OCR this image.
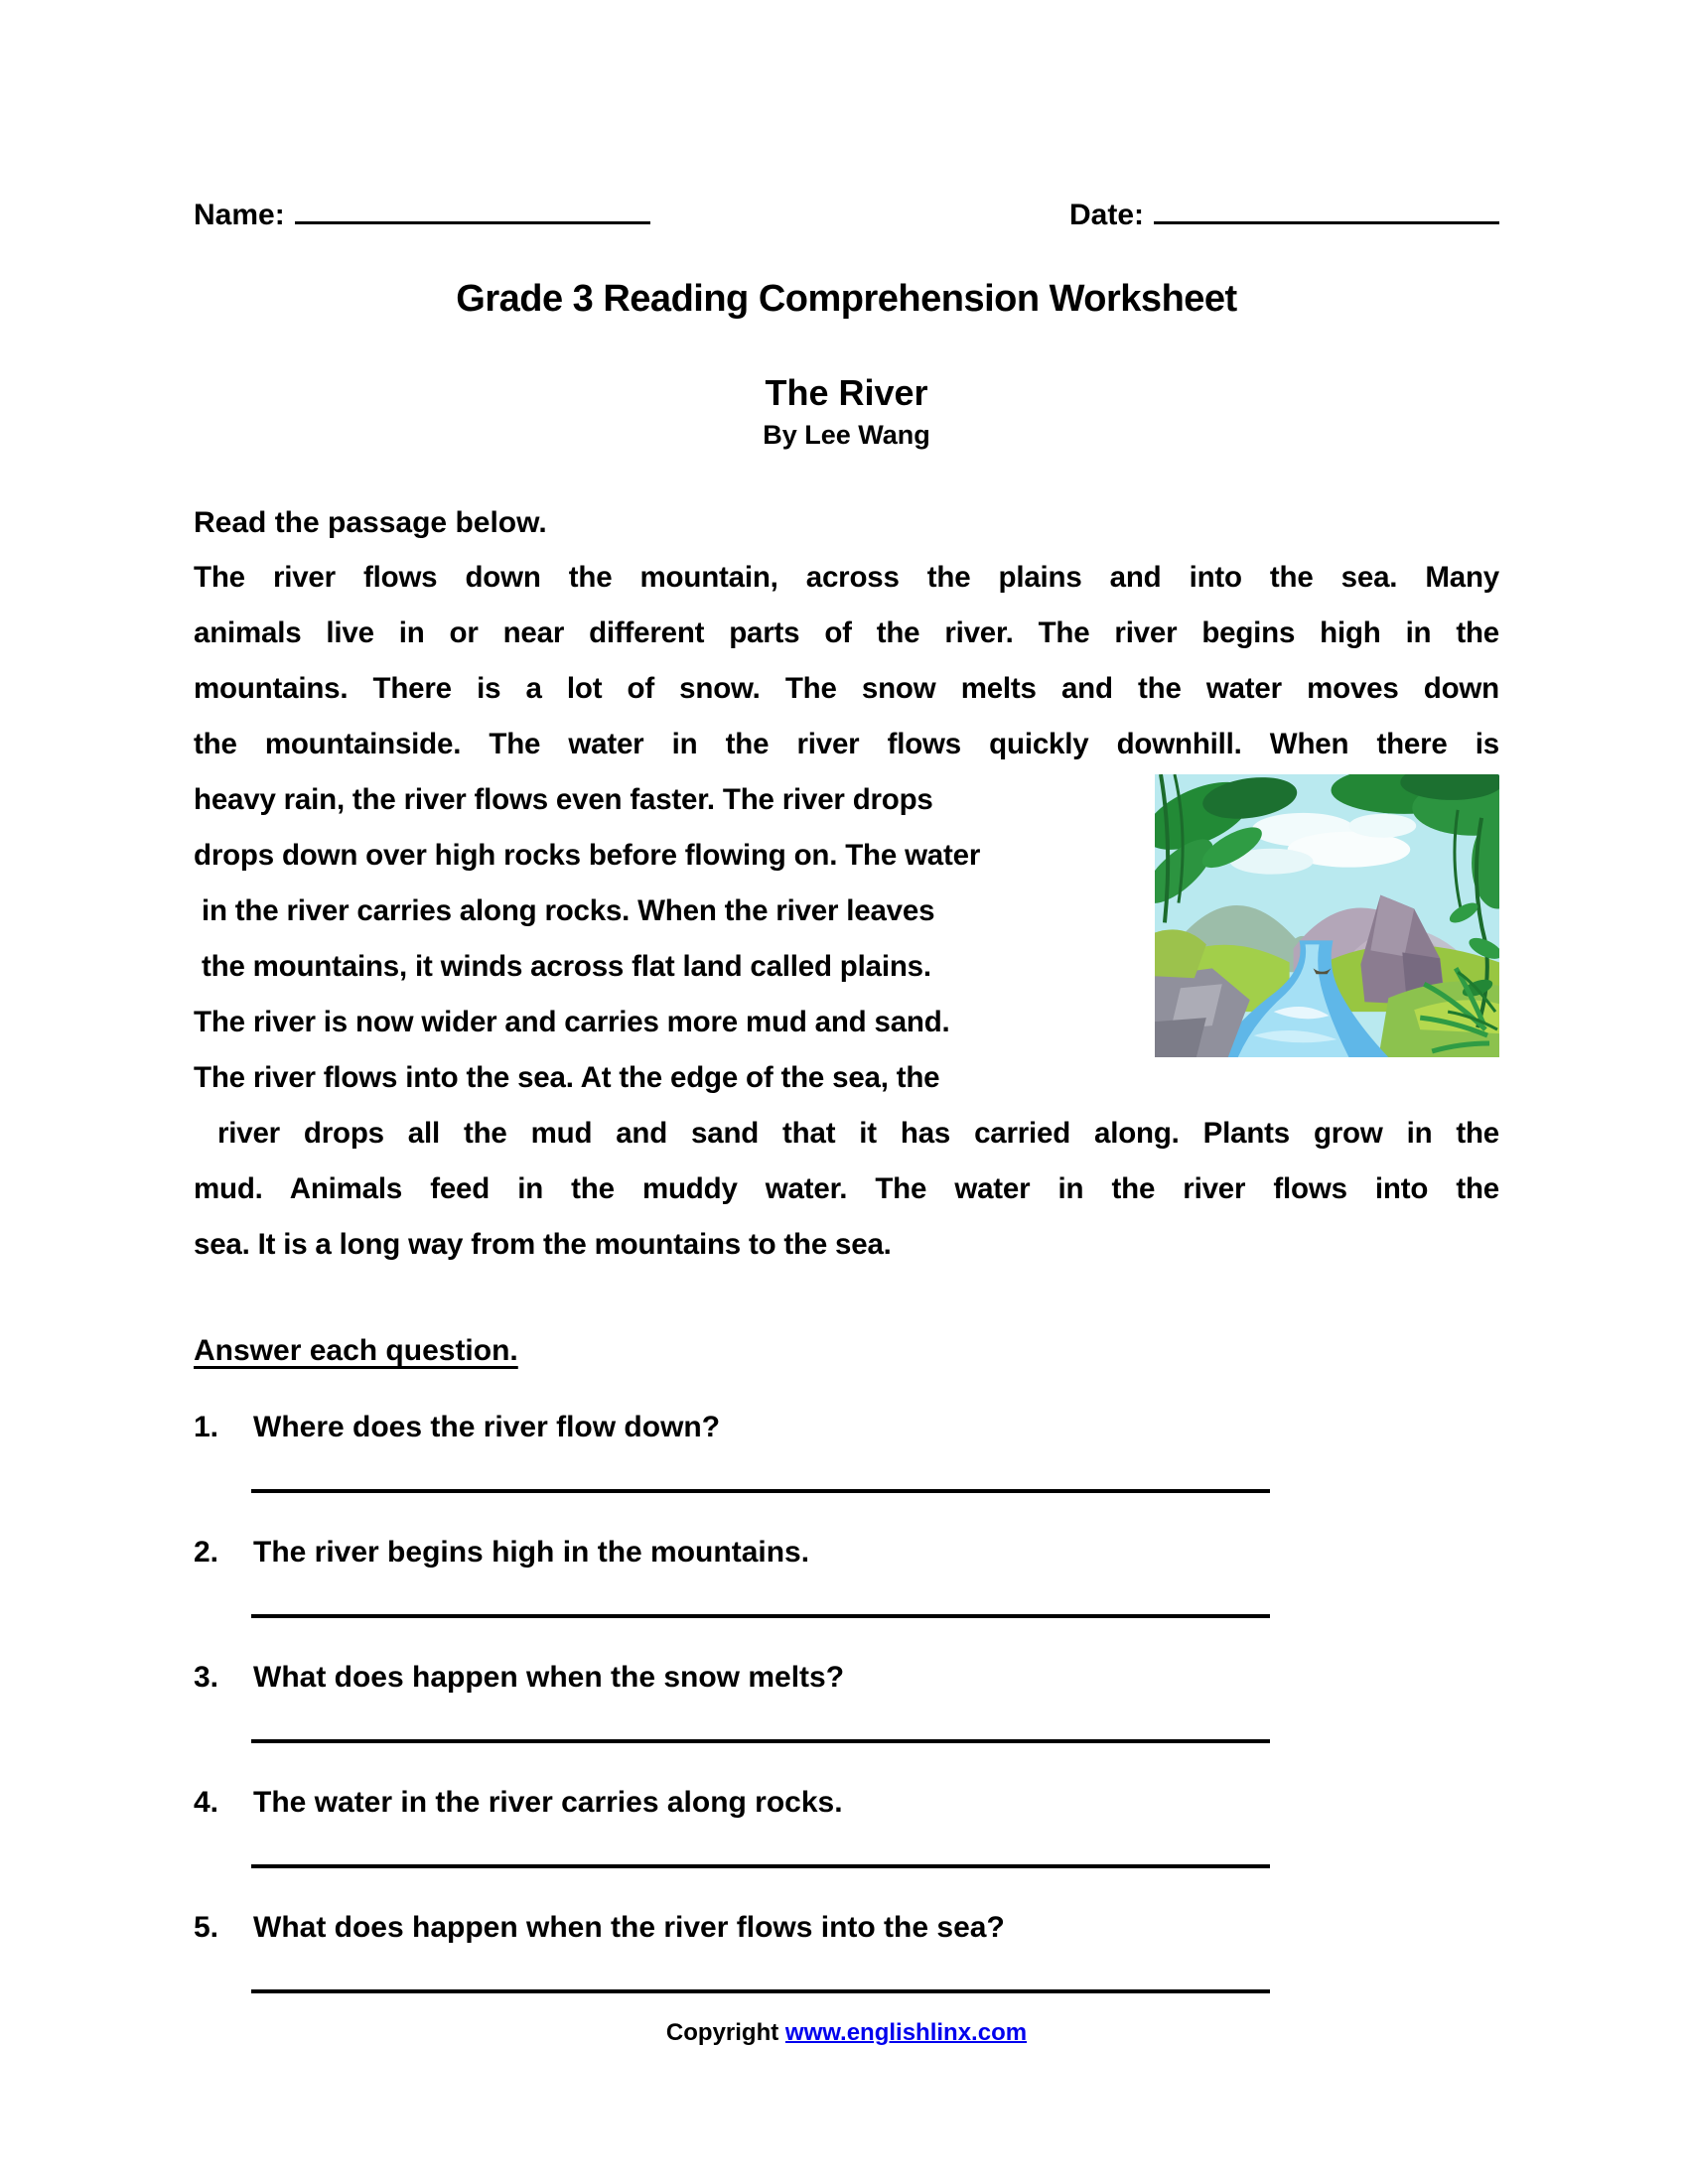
Name:	Date:
Grade 3 Reading Comprehension Worksheet
The River
By Lee Wang
Read the passage below.
The river flows down the mountain, across the plains and into the sea. Many
animals live in or near different parts of the river. The river begins high in the
mountains. There is a lot of snow. The snow melts and the water moves down
the mountainside. The water in the river flows quickly downhill. When there is
heavy rain, the river flows even faster. The river drops
drops down over high rocks before flowing on. The water
in the river carries along rocks. When the river leaves
the mountains, it winds across flat land called plains.
The river is now wider and carries more mud and sand.
The river flows into the sea. At the edge of the sea, the
river drops all the mud and sand that it has carried along. Plants grow in the
mud. Animals feed in the muddy water. The water in the river flows into the
sea. It is a long way from the mountains to the sea.
Answer each question.
1.	Where does the river flow down?
2.	The river begins high in the mountains.
3.	What does happen when the snow melts?
4.	The water in the river carries along rocks.
5.	What does happen when the river flows into the sea?
Copyright www.englishlinx.com
